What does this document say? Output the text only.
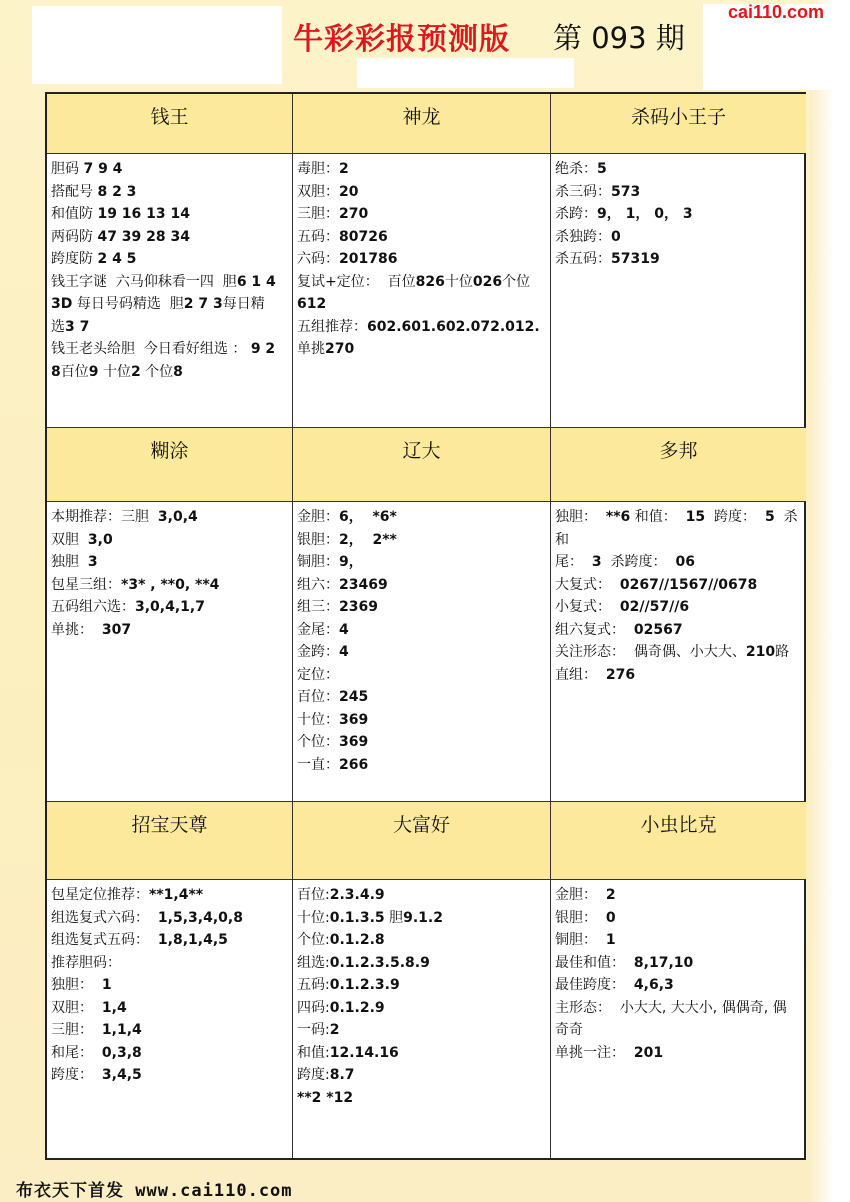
牛彩彩报预测版 第 093 期
cai110.com
钱王
胆码 7 9 4
搭配号 8 2 3
和值防 19 16 13 14
两码防 47 39 28 34
跨度防 2 4 5
钱王字谜  六马仰秣看一四  胆6 1 4
3D 每日号码精选  胆2 7 3每日精
选3 7
钱王老头给胆  今日看好组选 ： 9 2
8百位9 十位2 个位8
神龙
毒胆：2
双胆：20
三胆：270
五码：80726
六码：201786
复试+定位：  百位826十位026个位
612
五组推荐：602.601.602.072.012.
单挑270
杀码小王子
绝杀：5
杀三码：573
杀跨：9， 1， 0， 3
杀独跨：0
杀五码：57319
糊涂
本期推荐：三胆  3,0,4
双胆  3,0
独胆  3
包星三组：*3* , **0, **4
五码组六选：3,0,4,1,7
单挑：  307
辽大
金胆：6，  *6*
银胆：2，  2**
铜胆：9，
组六：23469
组三：2369
金尾：4
金跨：4
定位：
百位：245
十位：369
个位：369
一直：266
多邦
独胆：  **6 和值：  15  跨度：  5  杀和
尾：  3  杀跨度：  06
大复式：  0267//1567//0678
小复式：  02//57//6
组六复式：  02567
关注形态：  偶奇偶、小大大、210路
直组：  276
招宝天尊
包星定位推荐：**1,4**
组选复式六码：  1,5,3,4,0,8
组选复式五码：  1,8,1,4,5
推荐胆码：
独胆：  1
双胆：  1,4
三胆：  1,1,4
和尾：  0,3,8
跨度：  3,4,5
大富好
百位:2.3.4.9
十位:0.1.3.5 胆9.1.2
个位:0.1.2.8
组选:0.1.2.3.5.8.9
五码:0.1.2.3.9
四码:0.1.2.9
一码:2
和值:12.14.16
跨度:8.7
**2 *12
小虫比克
金胆：  2
银胆：  0
铜胆：  1
最佳和值：  8,17,10
最佳跨度：  4,6,3
主形态：  小大大, 大大小, 偶偶奇, 偶
奇奇
单挑一注：  201
布衣天下首发 www.cai110.com
